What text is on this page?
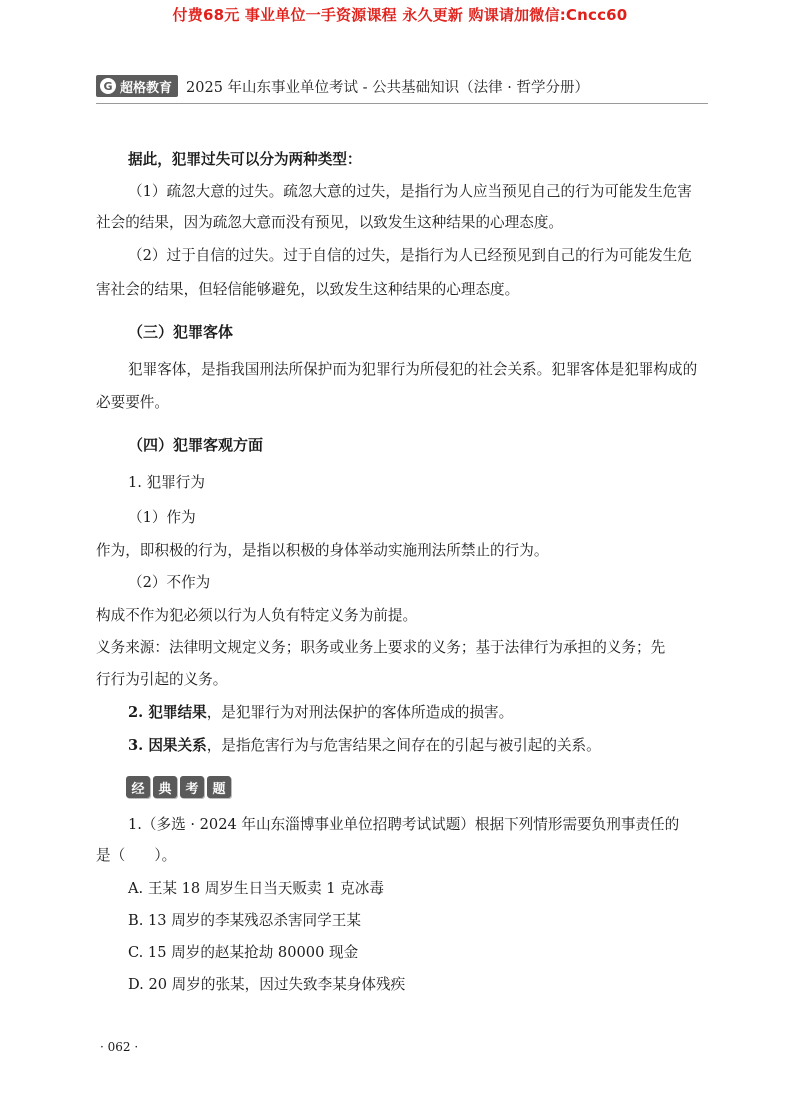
付费68元 事业单位一手资源课程 永久更新 购课请加微信:Cncc60
G 超格教育 2025 年山东事业单位考试 - 公共基础知识（法律 · 哲学分册）
据此，犯罪过失可以分为两种类型：
（1）疏忽大意的过失。疏忽大意的过失，是指行为人应当预见自己的行为可能发生危害
社会的结果，因为疏忽大意而没有预见，以致发生这种结果的心理态度。
（2）过于自信的过失。过于自信的过失，是指行为人已经预见到自己的行为可能发生危
害社会的结果，但轻信能够避免，以致发生这种结果的心理态度。
（三）犯罪客体
犯罪客体，是指我国刑法所保护而为犯罪行为所侵犯的社会关系。犯罪客体是犯罪构成的
必要要件。
（四）犯罪客观方面
1. 犯罪行为
（1）作为
作为，即积极的行为，是指以积极的身体举动实施刑法所禁止的行为。
（2）不作为
构成不作为犯必须以行为人负有特定义务为前提。
义务来源：法律明文规定义务；职务或业务上要求的义务；基于法律行为承担的义务；先
行行为引起的义务。
2. 犯罪结果，是犯罪行为对刑法保护的客体所造成的损害。
3. 因果关系，是指危害行为与危害结果之间存在的引起与被引起的关系。
经	典	考	题
1.（多选 · 2024 年山东淄博事业单位招聘考试试题）根据下列情形需要负刑事责任的
是（　　）。
A. 王某 18 周岁生日当天贩卖 1 克冰毒
B. 13 周岁的李某残忍杀害同学王某
C. 15 周岁的赵某抢劫 80000 现金
D. 20 周岁的张某，因过失致李某身体残疾
· 062 ·
